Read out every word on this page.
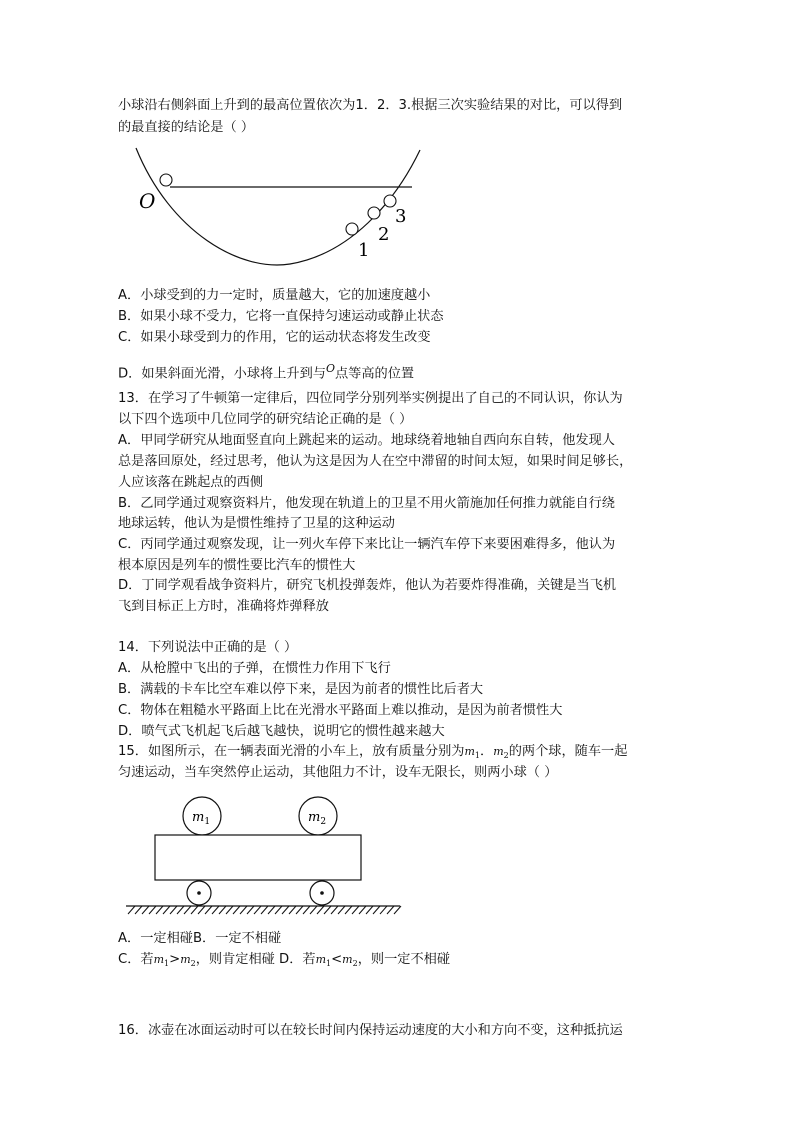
小球沿右侧斜面上升到的最高位置依次为1．2．3.根据三次实验结果的对比，可以得到
的最直接的结论是（ ）
O
1
2
3
A．小球受到的力一定时，质量越大，它的加速度越小
B．如果小球不受力，它将一直保持匀速运动或静止状态
C．如果小球受到力的作用，它的运动状态将发生改变
D．如果斜面光滑，小球将上升到与$^O$点等高的位置
13．在学习了牛顿第一定律后，四位同学分别列举实例提出了自己的不同认识，你认为
以下四个选项中几位同学的研究结论正确的是（ ）
A．甲同学研究从地面竖直向上跳起来的运动。地球绕着地轴自西向东自转，他发现人
总是落回原处，经过思考，他认为这是因为人在空中滞留的时间太短，如果时间足够长，
人应该落在跳起点的西侧
B．乙同学通过观察资料片，他发现在轨道上的卫星不用火箭施加任何推力就能自行绕
地球运转，他认为是惯性维持了卫星的这种运动
C．丙同学通过观察发现，让一列火车停下来比让一辆汽车停下来要困难得多，他认为
根本原因是列车的惯性要比汽车的惯性大
D．丁同学观看战争资料片，研究飞机投弹轰炸，他认为若要炸得准确，关键是当飞机
飞到目标正上方时，准确将炸弹释放
14．下列说法中正确的是（ ）
A．从枪膛中飞出的子弹，在惯性力作用下飞行
B．满载的卡车比空车难以停下来，是因为前者的惯性比后者大
C．物体在粗糙水平路面上比在光滑水平路面上难以推动，是因为前者惯性大
D．喷气式飞机起飞后越飞越快，说明它的惯性越来越大
15．如图所示，在一辆表面光滑的小车上，放有质量分别为$m_1$．$m_2$的两个球，随车一起
匀速运动，当车突然停止运动，其他阻力不计，设车无限长，则两小球（ ）
$m_1$	$m_2$
A．一定相碰B．一定不相碰
C．若$m_1>m_2$，则肯定相碰 D．若$m_1<m_2$，则一定不相碰
16．冰壶在冰面运动时可以在较长时间内保持运动速度的大小和方向不变，这种抵抗运
